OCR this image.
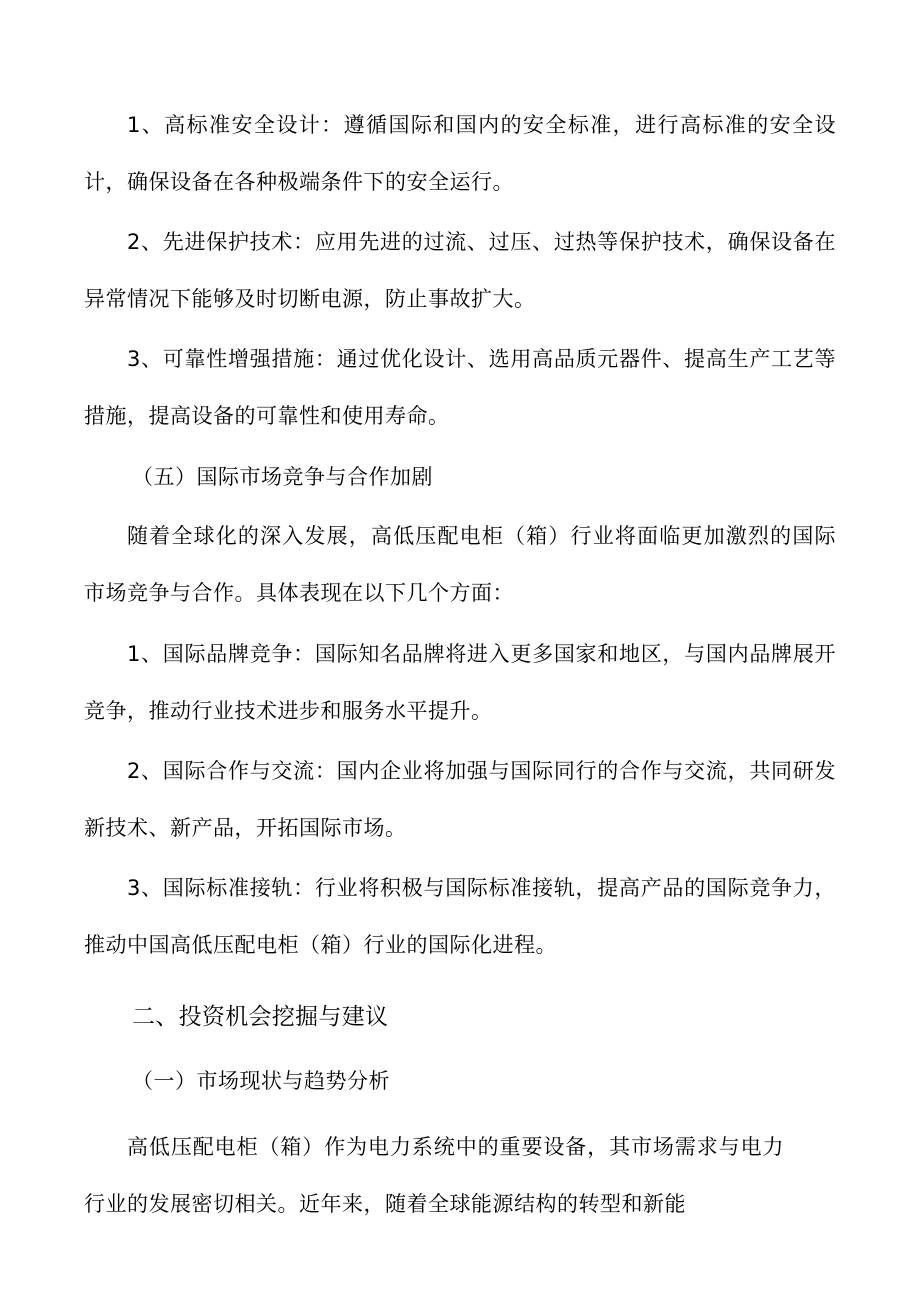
1、高标准安全设计：遵循国际和国内的安全标准，进行高标准的安全设计，确保设备在各种极端条件下的安全运行。

2、先进保护技术：应用先进的过流、过压、过热等保护技术，确保设备在异常情况下能够及时切断电源，防止事故扩大。

3、可靠性增强措施：通过优化设计、选用高品质元器件、提高生产工艺等措施，提高设备的可靠性和使用寿命。

（五）国际市场竞争与合作加剧

随着全球化的深入发展，高低压配电柜（箱）行业将面临更加激烈的国际市场竞争与合作。具体表现在以下几个方面：

1、国际品牌竞争：国际知名品牌将进入更多国家和地区，与国内品牌展开竞争，推动行业技术进步和服务水平提升。

2、国际合作与交流：国内企业将加强与国际同行的合作与交流，共同研发新技术、新产品，开拓国际市场。

3、国际标准接轨：行业将积极与国际标准接轨，提高产品的国际竞争力，推动中国高低压配电柜（箱）行业的国际化进程。

二、投资机会挖掘与建议

（一）市场现状与趋势分析

高低压配电柜（箱）作为电力系统中的重要设备，其市场需求与电力行业的发展密切相关。近年来，随着全球能源结构的转型和新能
